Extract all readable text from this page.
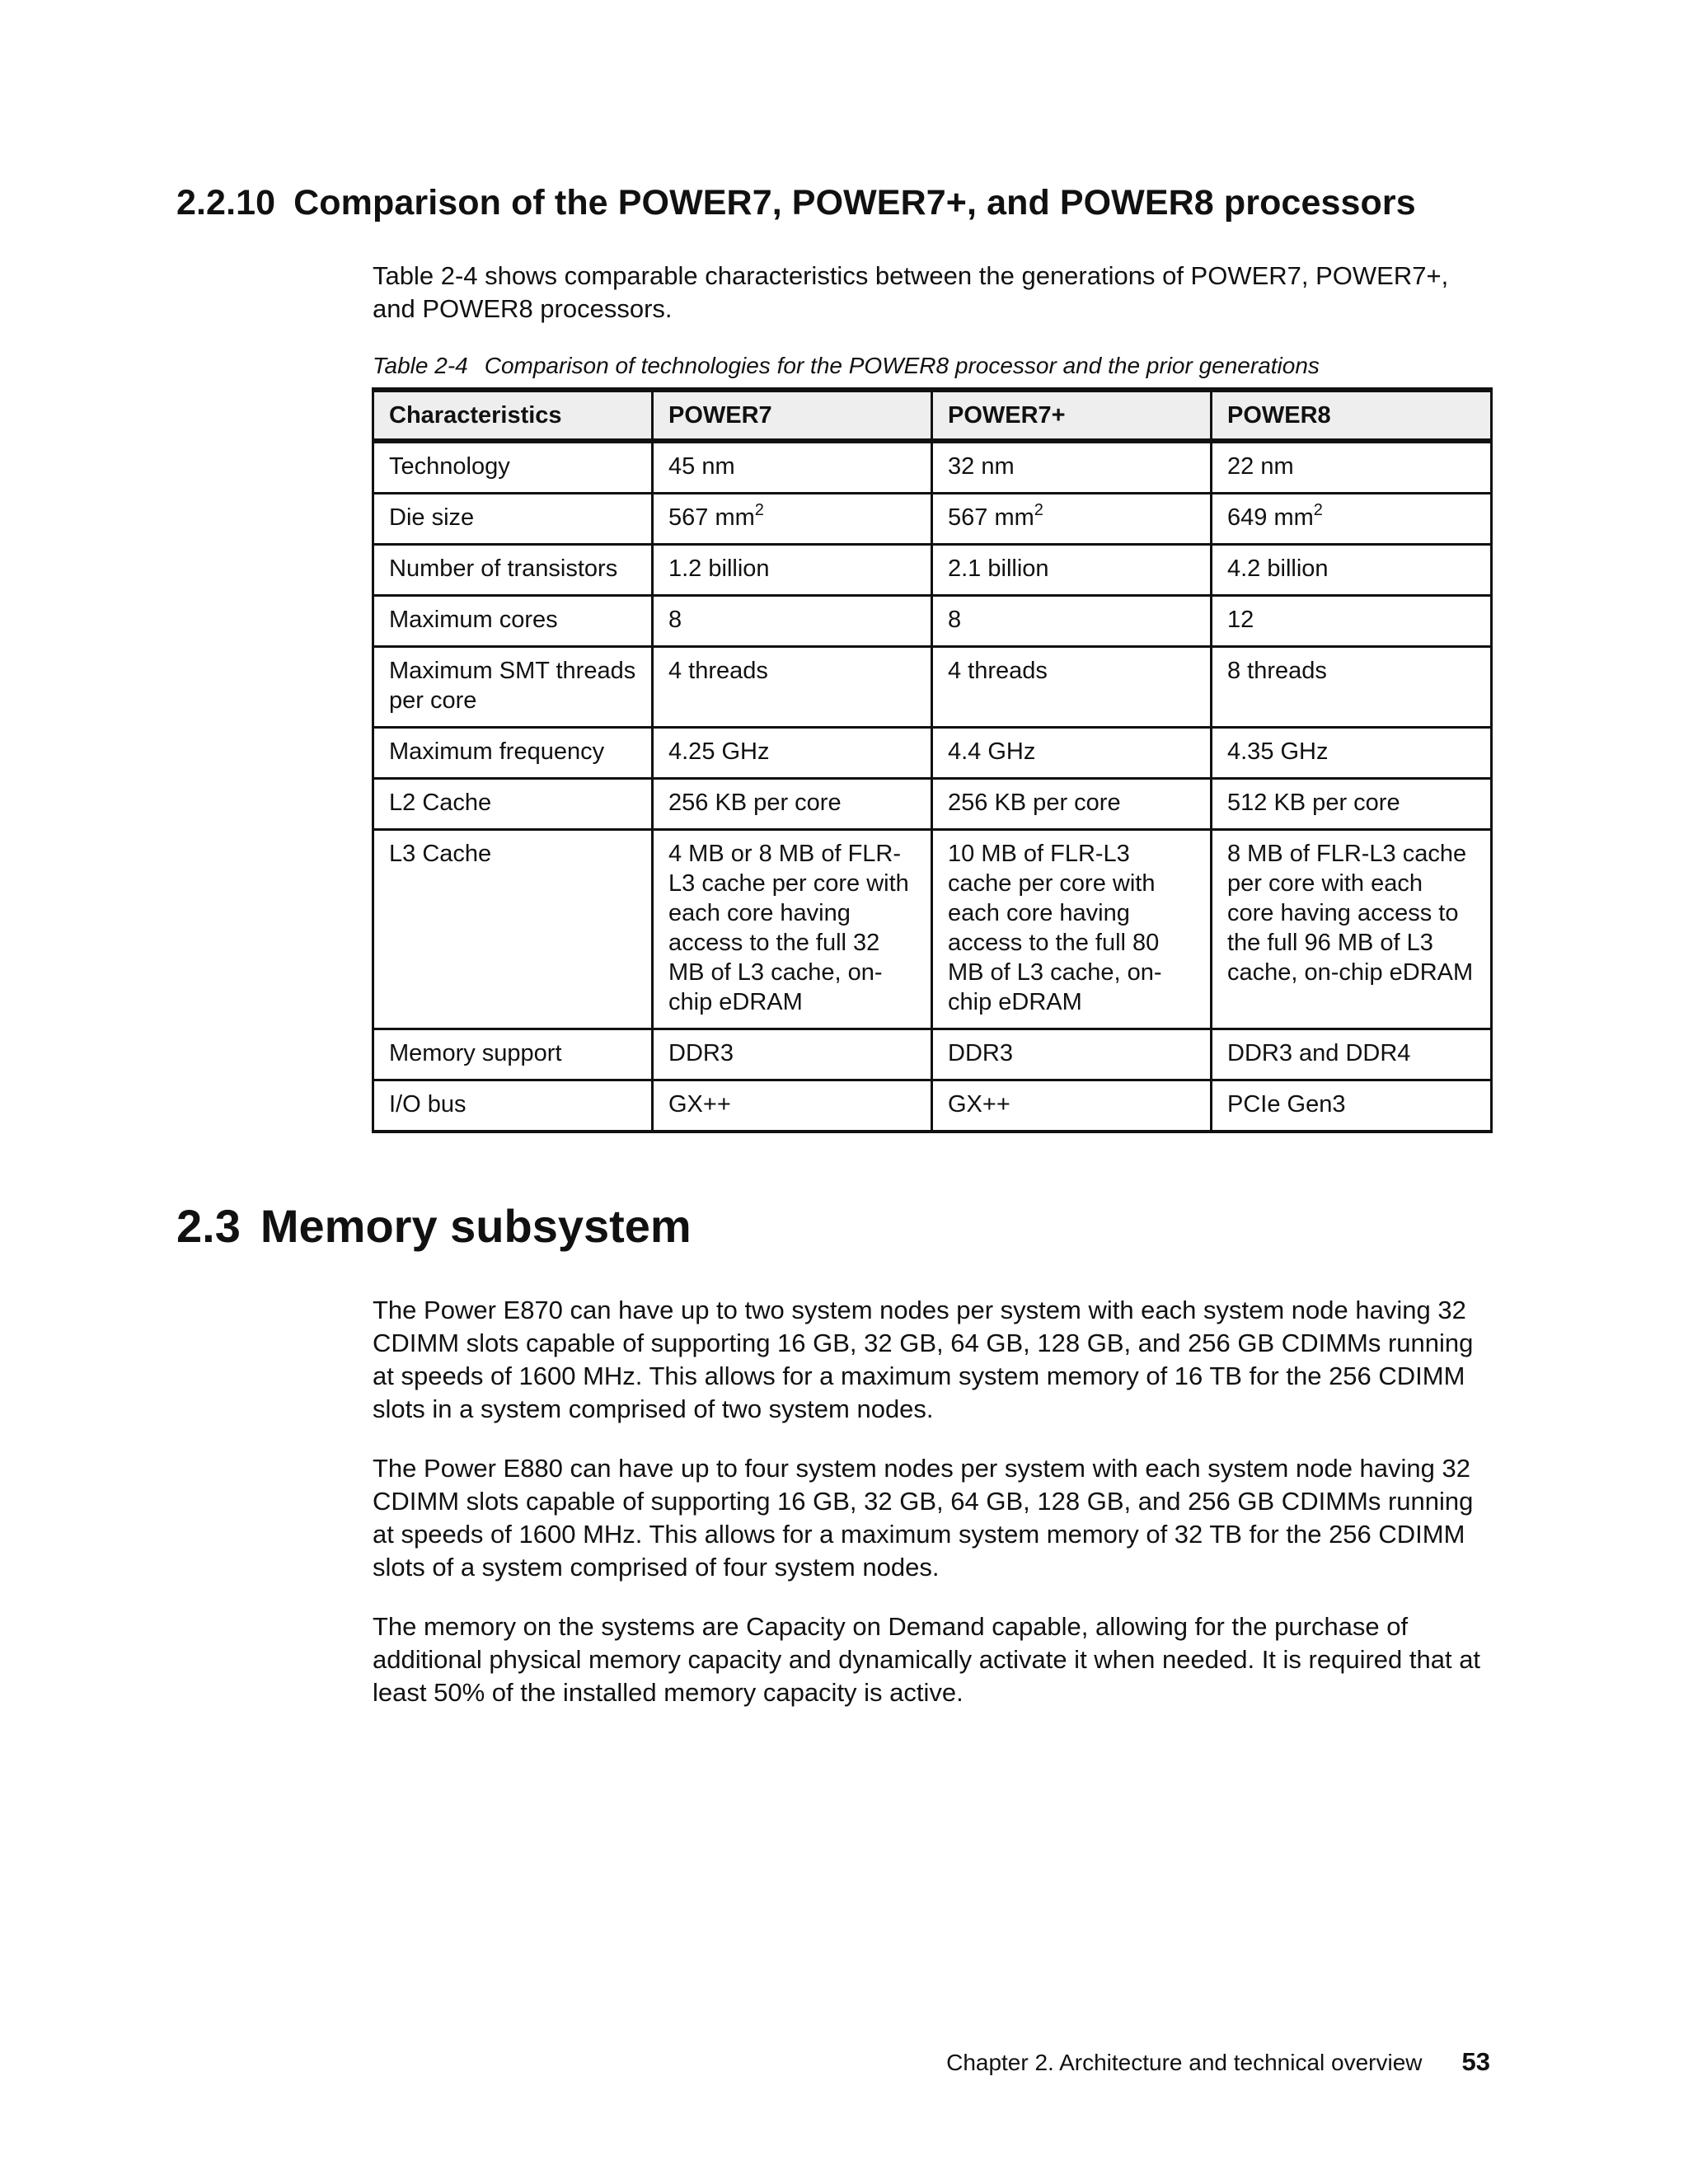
2.2.10 Comparison of the POWER7, POWER7+, and POWER8 processors

Table 2-4 shows comparable characteristics between the generations of POWER7, POWER7+, and POWER8 processors.

Table 2-4 Comparison of technologies for the POWER8 processor and the prior generations

Characteristics	POWER7	POWER7+	POWER8
Technology	45 nm	32 nm	22 nm
Die size	567 $mm^2$	567 $mm^2$	649 $mm^2$
Number of transistors	1.2 billion	2.1 billion	4.2 billion
Maximum cores	8	8	12
Maximum SMT threads per core	4 threads	4 threads	8 threads
Maximum frequency	4.25 GHz	4.4 GHz	4.35 GHz
L2 Cache	256 KB per core	256 KB per core	512 KB per core
L3 Cache	4 MB or 8 MB of FLR-L3 cache per core with each core having access to the full 32 MB of L3 cache, on-chip eDRAM	10 MB of FLR-L3 cache per core with each core having access to the full 80 MB of L3 cache, on-chip eDRAM	8 MB of FLR-L3 cache per core with each core having access to the full 96 MB of L3 cache, on-chip eDRAM
Memory support	DDR3	DDR3	DDR3 and DDR4
I/O bus	GX++	GX++	PCIe Gen3
2.3 Memory subsystem

The Power E870 can have up to two system nodes per system with each system node having 32 CDIMM slots capable of supporting 16 GB, 32 GB, 64 GB, 128 GB, and 256 GB CDIMMs running at speeds of 1600 MHz. This allows for a maximum system memory of 16 TB for the 256 CDIMM slots in a system comprised of two system nodes.

The Power E880 can have up to four system nodes per system with each system node having 32 CDIMM slots capable of supporting 16 GB, 32 GB, 64 GB, 128 GB, and 256 GB CDIMMs running at speeds of 1600 MHz. This allows for a maximum system memory of 32 TB for the 256 CDIMM slots of a system comprised of four system nodes.

The memory on the systems are Capacity on Demand capable, allowing for the purchase of additional physical memory capacity and dynamically activate it when needed. It is required that at least 50% of the installed memory capacity is active.

Chapter 2. Architecture and technical overview 53
